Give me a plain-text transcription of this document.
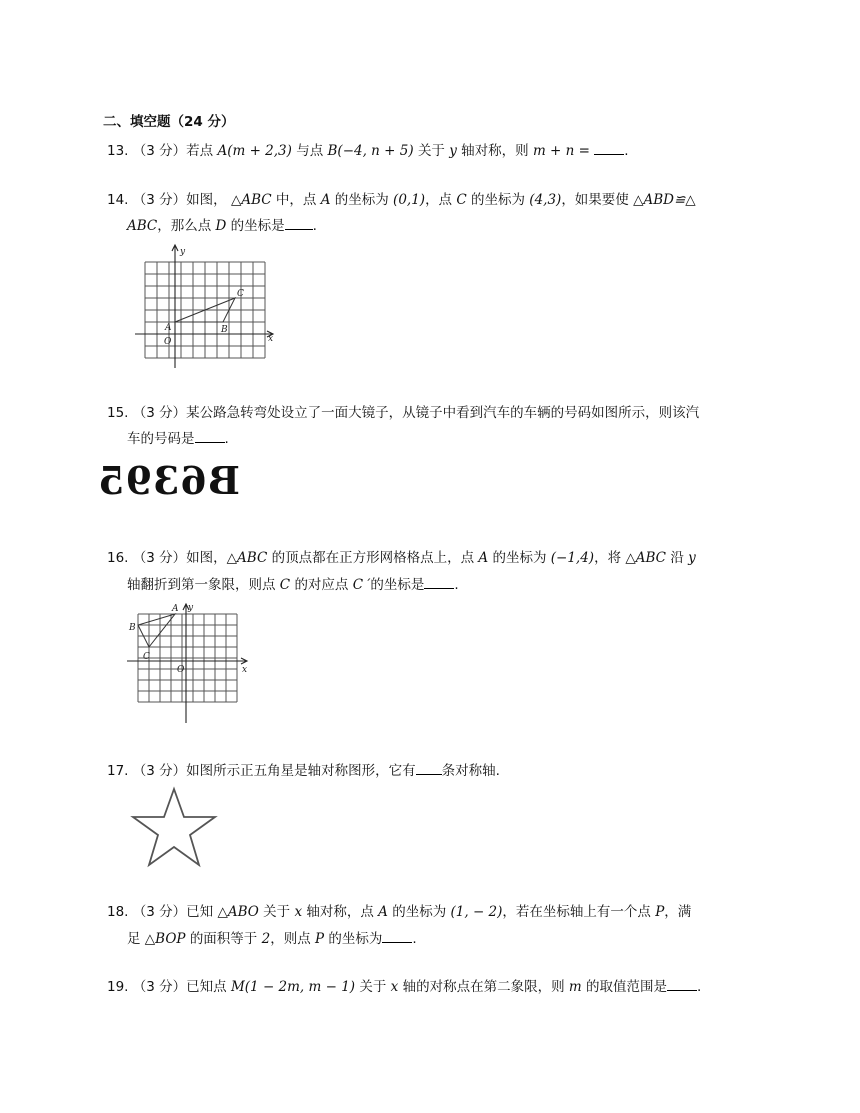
二、填空题（24 分）
13. （3 分）若点 A(m + 2,3) 与点 B(−4, n + 5) 关于 y 轴对称，则 m + n =	.
14. （3 分）如图， △ABC 中，点 A 的坐标为 (0,1)，点 C 的坐标为 (4,3)，如果要使 △ABD≌△
ABC，那么点 D 的坐标是 .
y
x
A	B
C
O
15. （3 分）某公路急转弯处设立了一面大镜子，从镜子中看到汽车的车辆的号码如图所示，则该汽
车的号码是 .
B6395
16. （3 分）如图，△ABC 的顶点都在正方形网格格点上，点 A 的坐标为 (−1,4)，将 △ABC 沿 y
轴翻折到第一象限，则点 C 的对应点 C ′的坐标是 .
A y
B
C
O	x
17. （3 分）如图所示正五角星是轴对称图形，它有 条对称轴.
18. （3 分）已知 △ABO 关于 x 轴对称，点 A 的坐标为 (1, − 2)，若在坐标轴上有一个点 P，满
足 △BOP 的面积等于 2，则点 P 的坐标为 .
19. （3 分）已知点 M(1 − 2m, m − 1) 关于 x 轴的对称点在第二象限，则 m 的取值范围是 .
